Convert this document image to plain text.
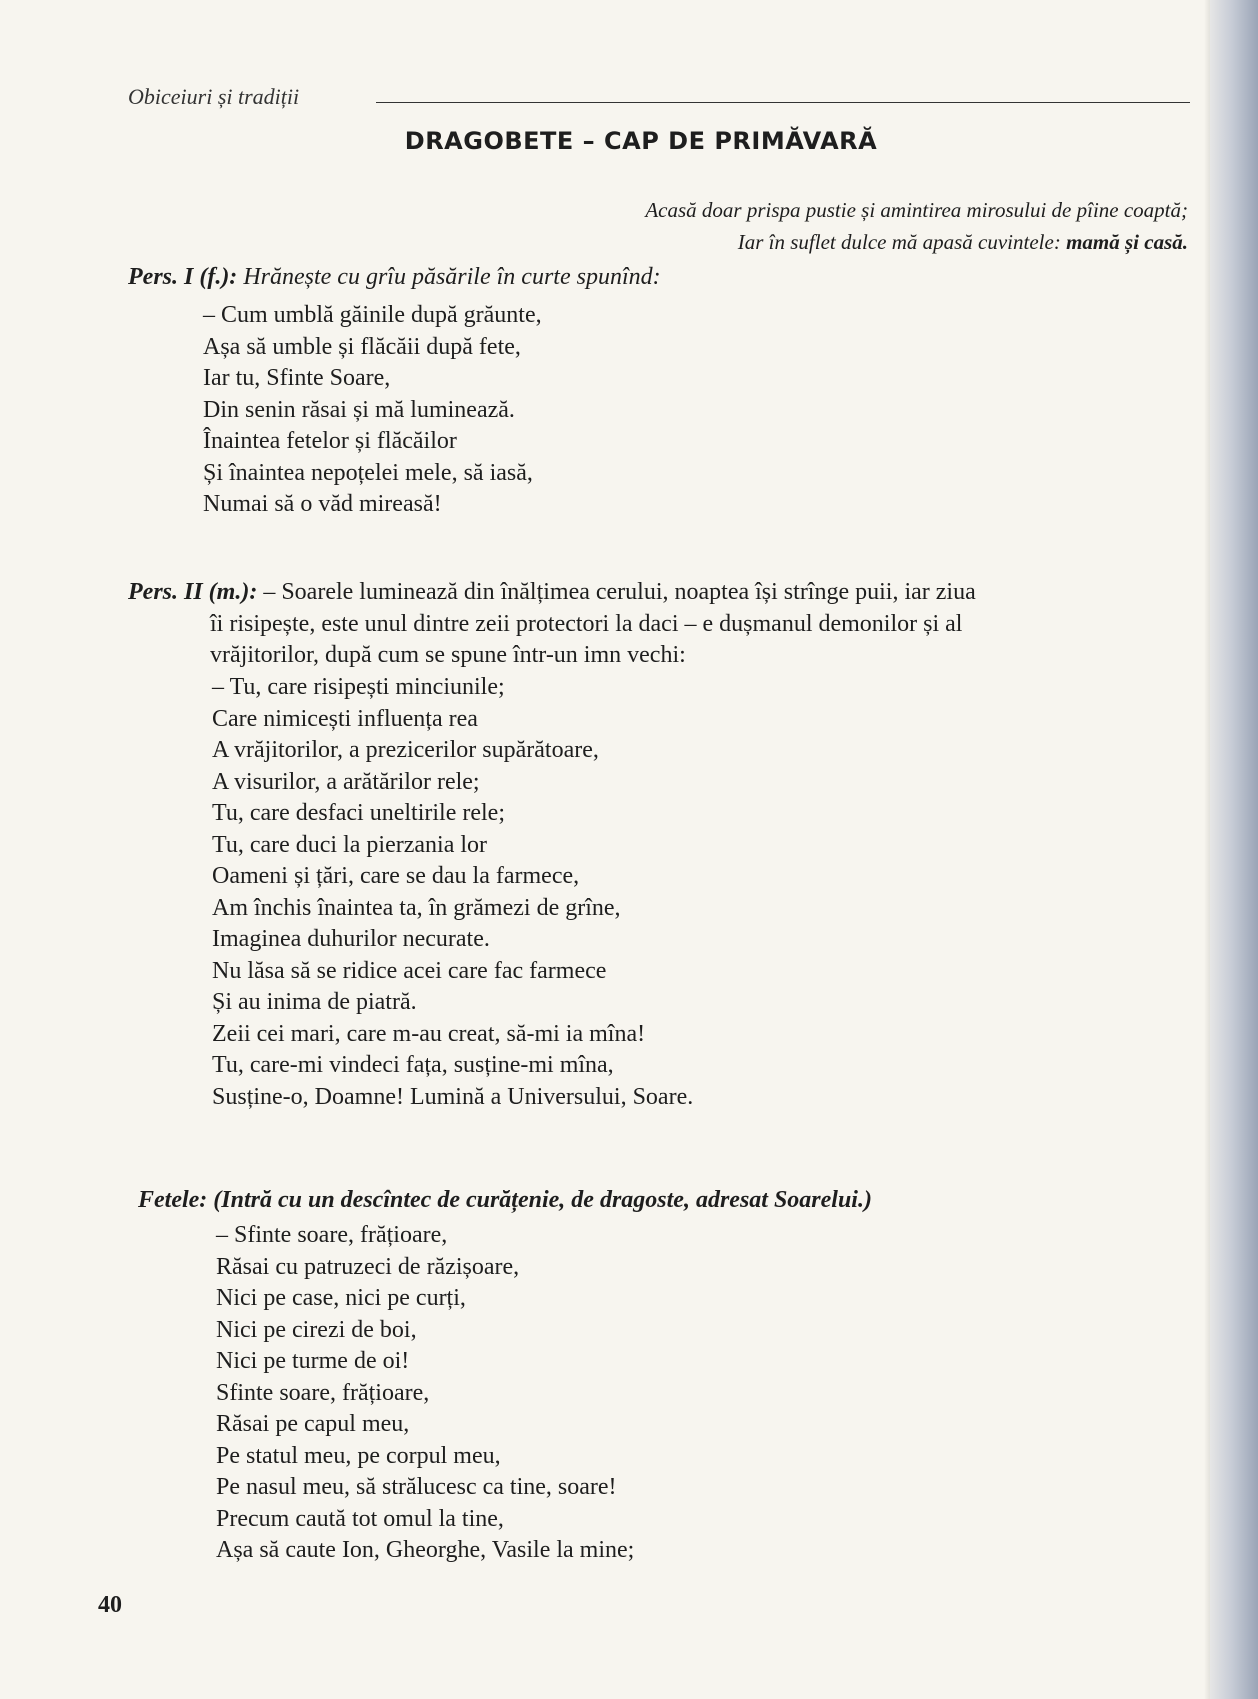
Obiceiuri și tradiții
DRAGOBETE – CAP DE PRIMĂVARĂ
Acasă doar prispa pustie și amintirea mirosului de pîine coaptă;
Iar în suflet dulce mă apasă cuvintele: mamă și casă.
Pers. I (f.): Hrănește cu grîu păsările în curte spunînd:
– Cum umblă găinile după grăunte,
Așa să umble și flăcăii după fete,
Iar tu, Sfinte Soare,
Din senin răsai și mă luminează.
Înaintea fetelor și flăcăilor
Și înaintea nepoțelei mele, să iasă,
Numai să o văd mireasă!
Pers. II (m.): – Soarele luminează din înălțimea cerului, noaptea își strînge puii, iar ziua
îi risipește, este unul dintre zeii protectori la daci – e dușmanul demonilor și al
vrăjitorilor, după cum se spune într-un imn vechi:
– Tu, care risipești minciunile;
Care nimicești influența rea
A vrăjitorilor, a prezicerilor supărătoare,
A visurilor, a arătărilor rele;
Tu, care desfaci uneltirile rele;
Tu, care duci la pierzania lor
Oameni și țări, care se dau la farmece,
Am închis înaintea ta, în grămezi de grîne,
Imaginea duhurilor necurate.
Nu lăsa să se ridice acei care fac farmece
Și au inima de piatră.
Zeii cei mari, care m-au creat, să-mi ia mîna!
Tu, care-mi vindeci fața, susține-mi mîna,
Susține-o, Doamne! Lumină a Universului, Soare.
Fetele: (Intră cu un descîntec de curățenie, de dragoste, adresat Soarelui.)
– Sfinte soare, frățioare,
Răsai cu patruzeci de răzișoare,
Nici pe case, nici pe curți,
Nici pe cirezi de boi,
Nici pe turme de oi!
Sfinte soare, frățioare,
Răsai pe capul meu,
Pe statul meu, pe corpul meu,
Pe nasul meu, să strălucesc ca tine, soare!
Precum caută tot omul la tine,
Așa să caute Ion, Gheorghe, Vasile la mine;
40
